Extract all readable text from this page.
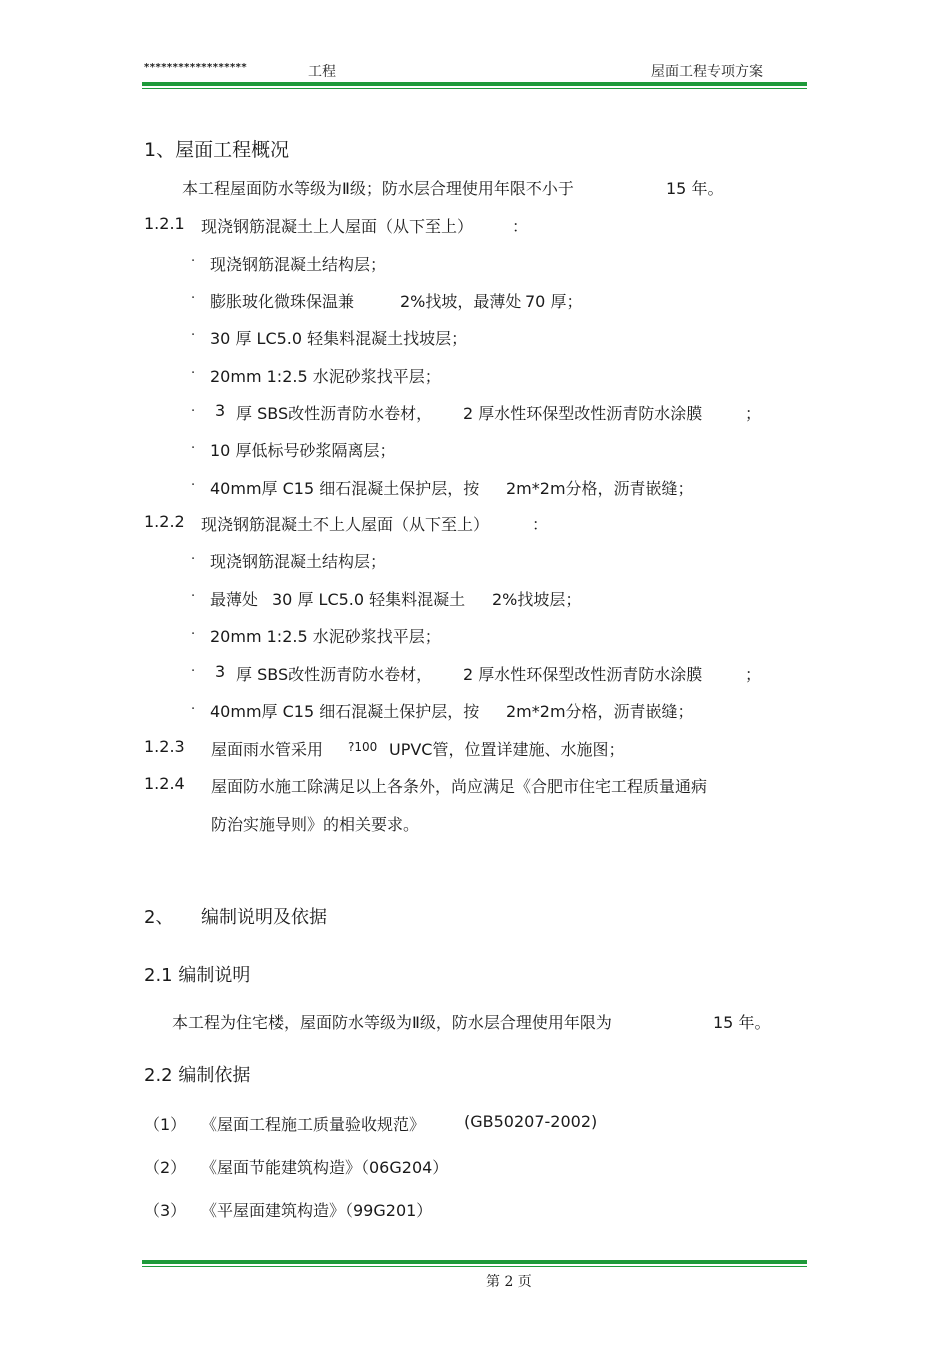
******************	工程	屋面工程专项方案
1、屋面工程概况
本工程屋面防水等级为Ⅱ级；防水层合理使用年限不小于	15 年。
1.2.1 现浇钢筋混凝土上人屋面（从下至上） ：
· 现浇钢筋混凝土结构层；
· 膨胀玻化微珠保温兼	2%找坡，最薄处 70 厚；
· 30 厚 LC5.0 轻集料混凝土找坡层；
· 20mm 1:2.5 水泥砂浆找平层；
· 3 厚 SBS改性沥青防水卷材， 2 厚水性环保型改性沥青防水涂膜	；
· 10 厚低标号砂浆隔离层；
· 40mm厚 C15 细石混凝土保护层，按 2m*2m分格，沥青嵌缝；
1.2.2 现浇钢筋混凝土不上人屋面（从下至上）	：
· 现浇钢筋混凝土结构层；
· 最薄处 30 厚 LC5.0 轻集料混凝土 2%找坡层；
· 20mm 1:2.5 水泥砂浆找平层；
· 3 厚 SBS改性沥青防水卷材， 2 厚水性环保型改性沥青防水涂膜	；
· 40mm厚 C15 细石混凝土保护层，按 2m*2m分格，沥青嵌缝；
1.2.3 屋面雨水管采用 ?100 UPVC管，位置详建施、水施图；
1.2.4 屋面防水施工除满足以上各条外，尚应满足《合肥市住宅工程质量通病
防治实施导则》的相关要求。
2、 编制说明及依据
2.1 编制说明
本工程为住宅楼，屋面防水等级为Ⅱ级，防水层合理使用年限为	15 年。
2.2 编制依据
（1） 《屋面工程施工质量验收规范》 (GB50207-2002)
（2） 《屋面节能建筑构造》（06G204）
（3） 《平屋面建筑构造》（99G201）
第 2 页
